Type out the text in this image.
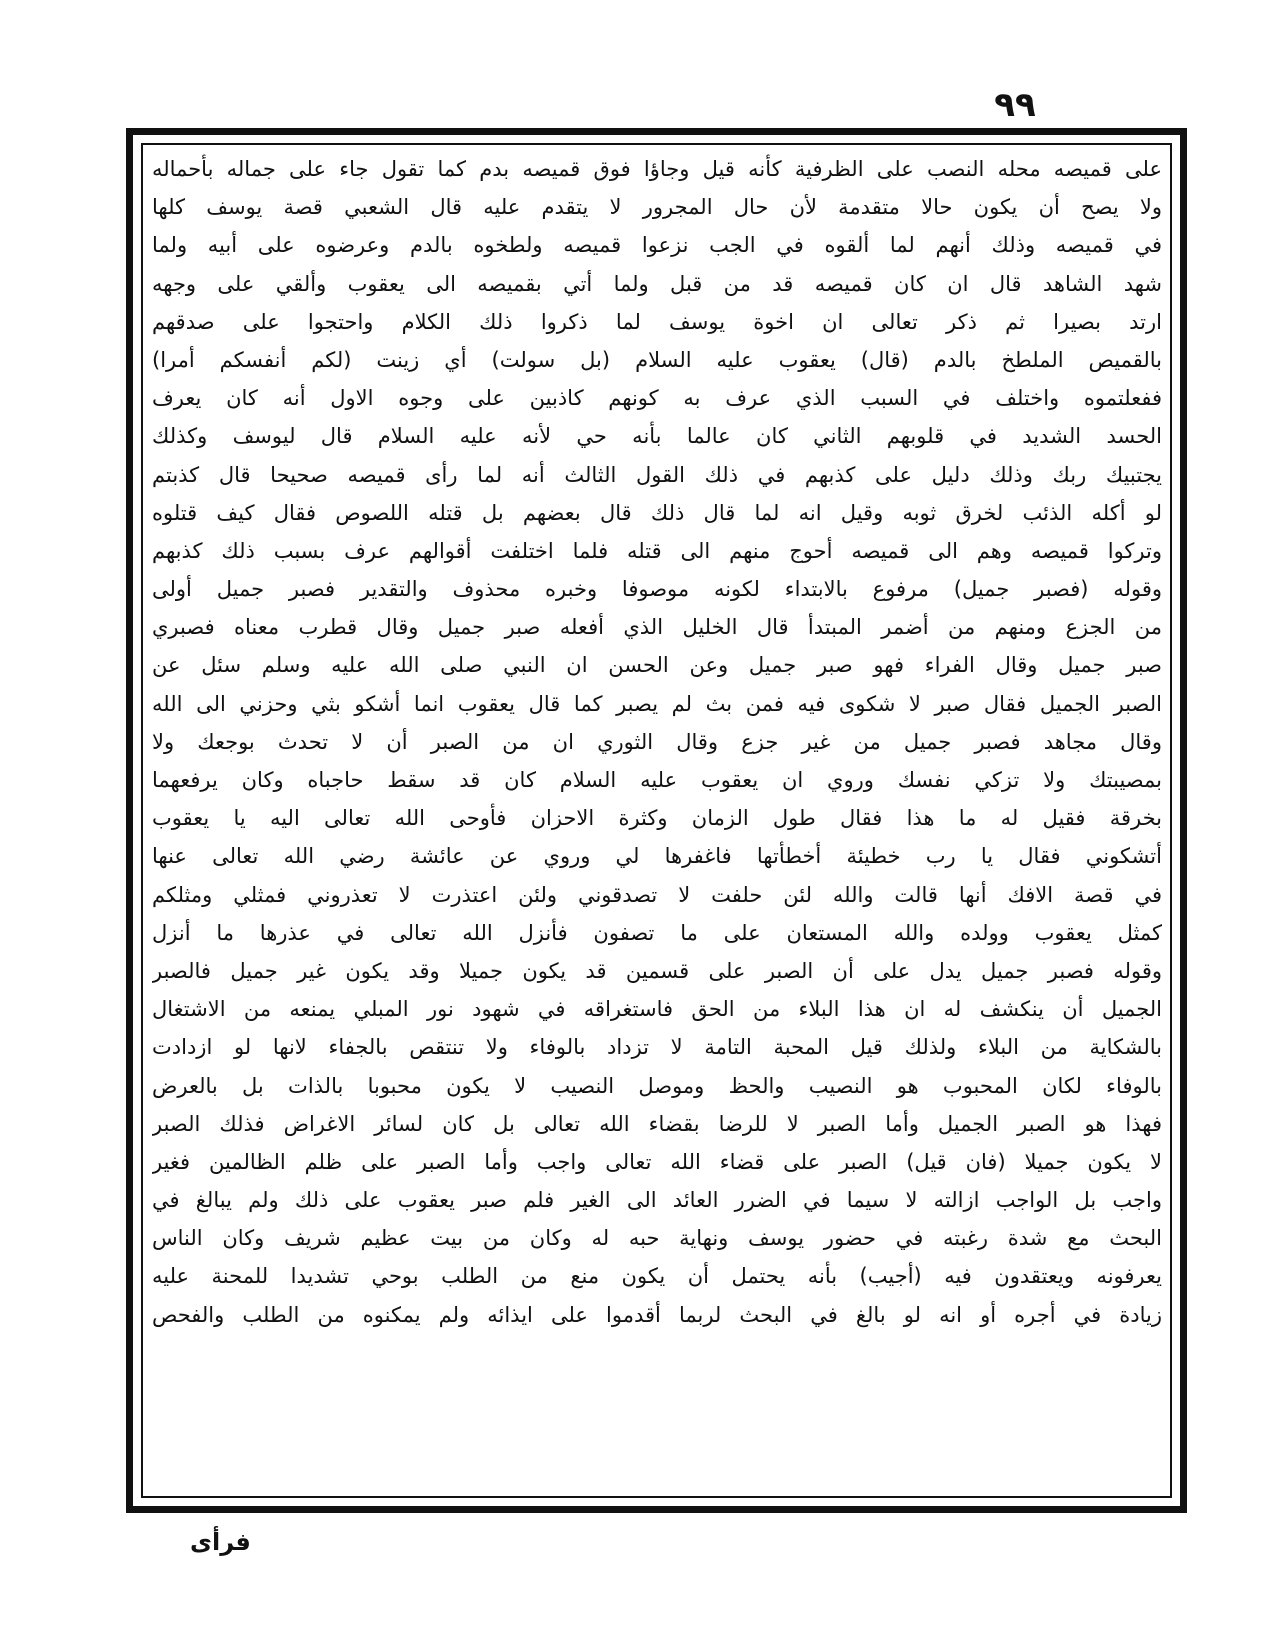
٩٩
على قميصه محله النصب على الظرفية كأنه قيل وجاؤا فوق قميصه بدم كما تقول جاء على جماله بأحماله
ولا يصح أن يكون حالا متقدمة لأن حال المجرور لا يتقدم عليه قال الشعبي قصة يوسف كلها
في قميصه وذلك أنهم لما ألقوه في الجب نزعوا قميصه ولطخوه بالدم وعرضوه على أبيه ولما
شهد الشاهد قال ان كان قميصه قد من قبل ولما أتي بقميصه الى يعقوب وألقي على وجهه
ارتد بصيرا ثم ذكر تعالى ان اخوة يوسف لما ذكروا ذلك الكلام واحتجوا على صدقهم
بالقميص الملطخ بالدم (قال) يعقوب عليه السلام (بل سولت) أي زينت (لكم أنفسكم أمرا)
ففعلتموه واختلف في السبب الذي عرف به كونهم كاذبين على وجوه الاول أنه كان يعرف
الحسد الشديد في قلوبهم الثاني كان عالما بأنه حي لأنه عليه السلام قال ليوسف وكذلك
يجتبيك ربك وذلك دليل على كذبهم في ذلك القول الثالث أنه لما رأى قميصه صحيحا قال كذبتم
لو أكله الذئب لخرق ثوبه وقيل انه لما قال ذلك قال بعضهم بل قتله اللصوص فقال كيف قتلوه
وتركوا قميصه وهم الى قميصه أحوج منهم الى قتله فلما اختلفت أقوالهم عرف بسبب ذلك كذبهم
وقوله (فصبر جميل) مرفوع بالابتداء لكونه موصوفا وخبره محذوف والتقدير فصبر جميل أولى
من الجزع ومنهم من أضمر المبتدأ قال الخليل الذي أفعله صبر جميل وقال قطرب معناه فصبري
صبر جميل وقال الفراء فهو صبر جميل وعن الحسن ان النبي صلى الله عليه وسلم سئل عن
الصبر الجميل فقال صبر لا شكوى فيه فمن بث لم يصبر كما قال يعقوب انما أشكو بثي وحزني الى الله
وقال مجاهد فصبر جميل من غير جزع وقال الثوري ان من الصبر أن لا تحدث بوجعك ولا
بمصيبتك ولا تزكي نفسك وروي ان يعقوب عليه السلام كان قد سقط حاجباه وكان يرفعهما
بخرقة فقيل له ما هذا فقال طول الزمان وكثرة الاحزان فأوحى الله تعالى اليه يا يعقوب
أتشكوني فقال يا رب خطيئة أخطأتها فاغفرها لي وروي عن عائشة رضي الله تعالى عنها
في قصة الافك أنها قالت والله لئن حلفت لا تصدقوني ولئن اعتذرت لا تعذروني فمثلي ومثلكم
كمثل يعقوب وولده والله المستعان على ما تصفون فأنزل الله تعالى في عذرها ما أنزل
وقوله فصبر جميل يدل على أن الصبر على قسمين قد يكون جميلا وقد يكون غير جميل فالصبر
الجميل أن ينكشف له ان هذا البلاء من الحق فاستغراقه في شهود نور المبلي يمنعه من الاشتغال
بالشكاية من البلاء ولذلك قيل المحبة التامة لا تزداد بالوفاء ولا تنتقص بالجفاء لانها لو ازدادت
بالوفاء لكان المحبوب هو النصيب والحظ وموصل النصيب لا يكون محبوبا بالذات بل بالعرض
فهذا هو الصبر الجميل وأما الصبر لا للرضا بقضاء الله تعالى بل كان لسائر الاغراض فذلك الصبر
لا يكون جميلا (فان قيل) الصبر على قضاء الله تعالى واجب وأما الصبر على ظلم الظالمين فغير
واجب بل الواجب ازالته لا سيما في الضرر العائد الى الغير فلم صبر يعقوب على ذلك ولم يبالغ في
البحث مع شدة رغبته في حضور يوسف ونهاية حبه له وكان من بيت عظيم شريف وكان الناس
يعرفونه ويعتقدون فيه (أجيب) بأنه يحتمل أن يكون منع من الطلب بوحي تشديدا للمحنة عليه
زيادة في أجره أو انه لو بالغ في البحث لربما أقدموا على ايذائه ولم يمكنوه من الطلب والفحص
فرأى
